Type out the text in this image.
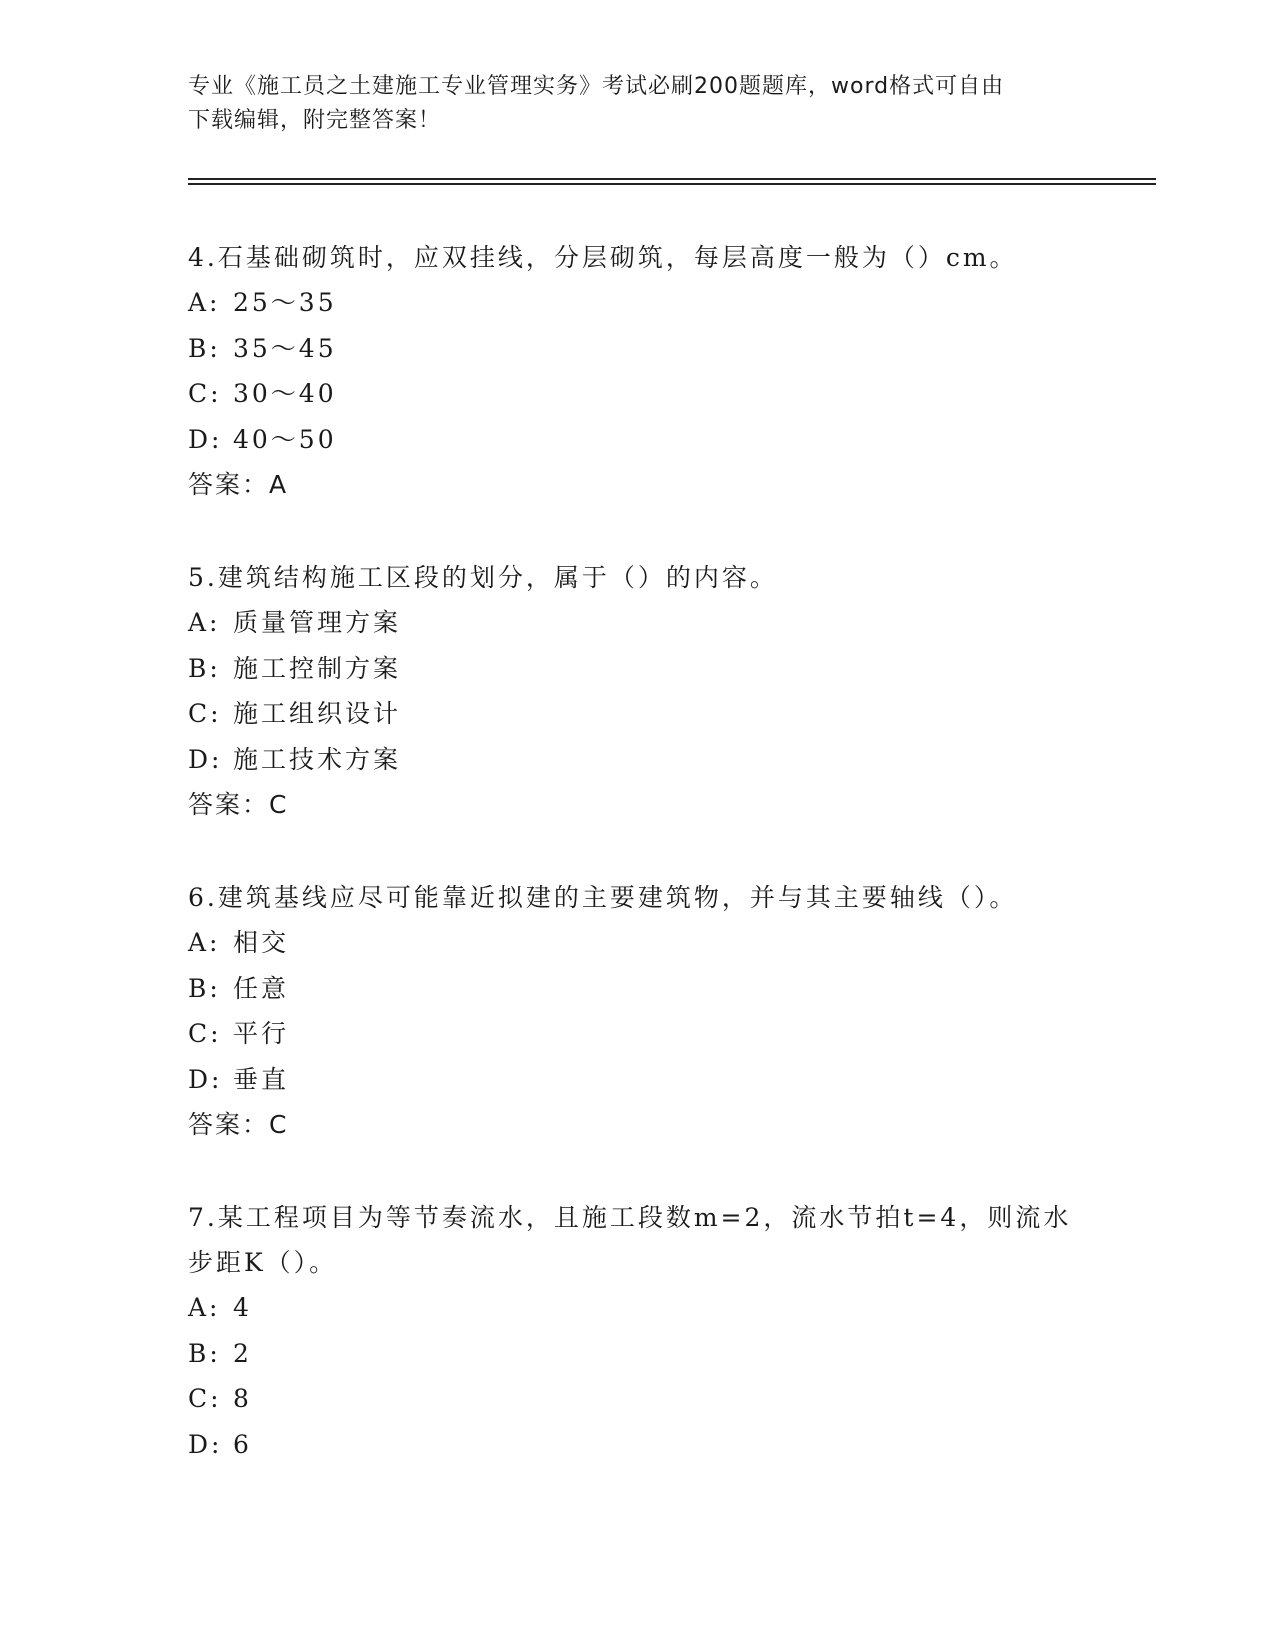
专业《施工员之土建施工专业管理实务》考试必刷200题题库，word格式可自由
下载编辑，附完整答案！
4.石基础砌筑时，应双挂线，分层砌筑，每层高度一般为（）cm。
A: 25～35
B: 35～45
C: 30～40
D: 40～50
答案：A
5.建筑结构施工区段的划分，属于（）的内容。
A: 质量管理方案
B: 施工控制方案
C: 施工组织设计
D: 施工技术方案
答案：C
6.建筑基线应尽可能靠近拟建的主要建筑物，并与其主要轴线（）。
A: 相交
B: 任意
C: 平行
D: 垂直
答案：C
7.某工程项目为等节奏流水，且施工段数m=2，流水节拍t=4，则流水步距K（）。
A: 4
B: 2
C: 8
D: 6
